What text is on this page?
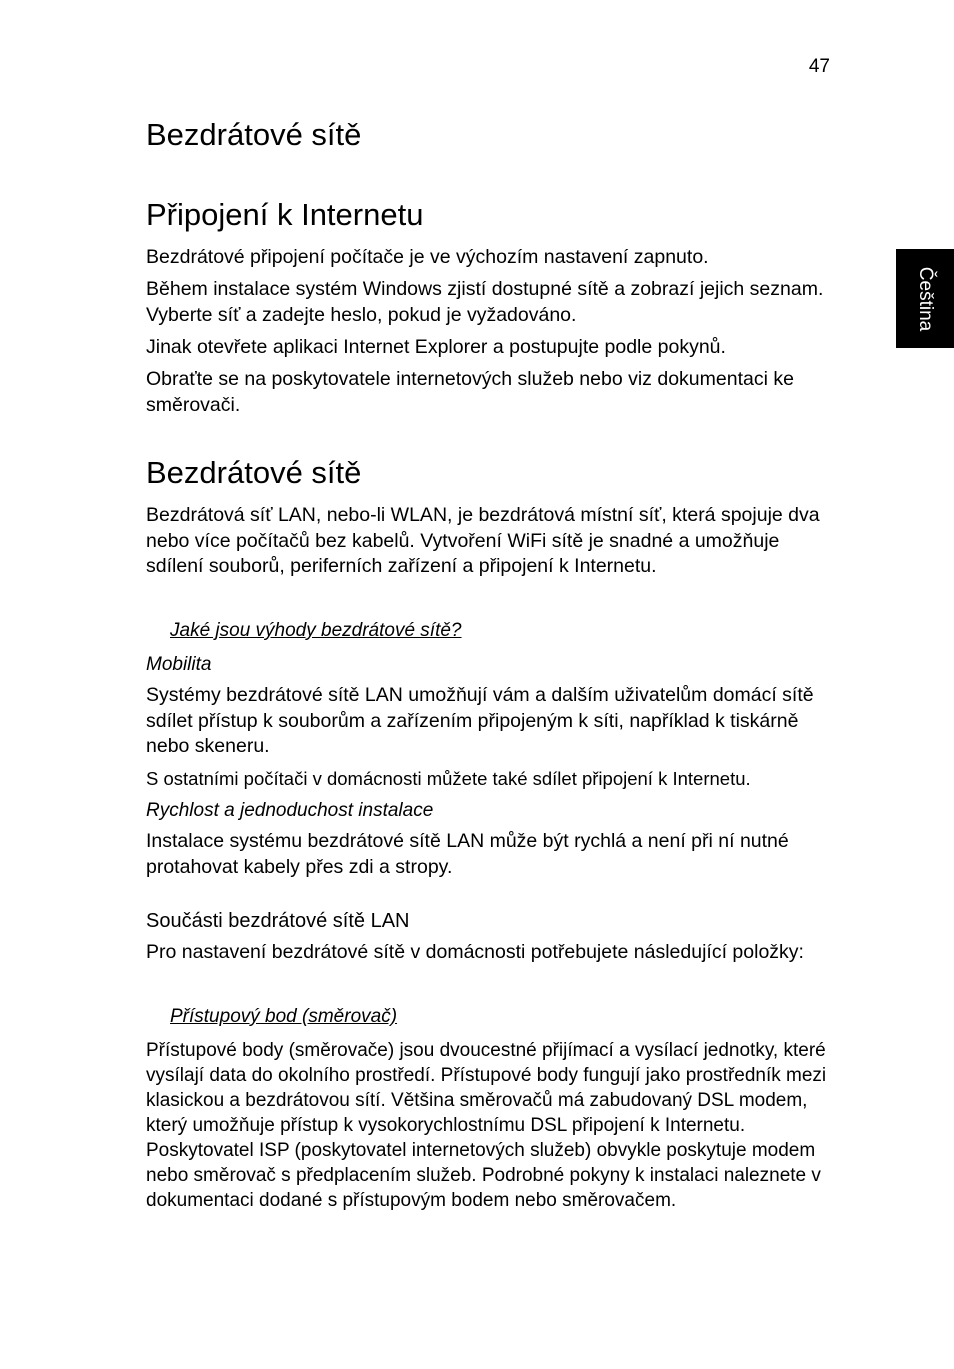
47
Čeština
Bezdrátové sítě
Připojení k Internetu
Bezdrátové připojení počítače je ve výchozím nastavení zapnuto.
Během instalace systém Windows zjistí dostupné sítě a zobrazí jejich seznam. Vyberte síť a zadejte heslo, pokud je vyžadováno.
Jinak otevřete aplikaci Internet Explorer a postupujte podle pokynů.
Obraťte se na poskytovatele internetových služeb nebo viz dokumentaci ke směrovači.
Bezdrátové sítě
Bezdrátová síť LAN, nebo-li WLAN, je bezdrátová místní síť, která spojuje dva nebo více počítačů bez kabelů. Vytvoření WiFi sítě je snadné a umožňuje sdílení souborů, periferních zařízení a připojení k Internetu.
Jaké jsou výhody bezdrátové sítě?
Mobilita
Systémy bezdrátové sítě LAN umožňují vám a dalším uživatelům domácí sítě sdílet přístup k souborům a zařízením připojeným k síti, například k tiskárně nebo skeneru.
S ostatními počítači v domácnosti můžete také sdílet připojení k Internetu.
Rychlost a jednoduchost instalace
Instalace systému bezdrátové sítě LAN může být rychlá a není při ní nutné protahovat kabely přes zdi a stropy.
Součásti bezdrátové sítě LAN
Pro nastavení bezdrátové sítě v domácnosti potřebujete následující položky:
Přístupový bod (směrovač)
Přístupové body (směrovače) jsou dvoucestné přijímací a vysílací jednotky, které vysílají data do okolního prostředí. Přístupové body fungují jako prostředník mezi klasickou a bezdrátovou sítí. Většina směrovačů má zabudovaný DSL modem, který umožňuje přístup k vysokorychlostnímu DSL připojení k Internetu. Poskytovatel ISP (poskytovatel internetových služeb) obvykle poskytuje modem nebo směrovač s předplacením služeb. Podrobné pokyny k instalaci naleznete v dokumentaci dodané s přístupovým bodem nebo směrovačem.
